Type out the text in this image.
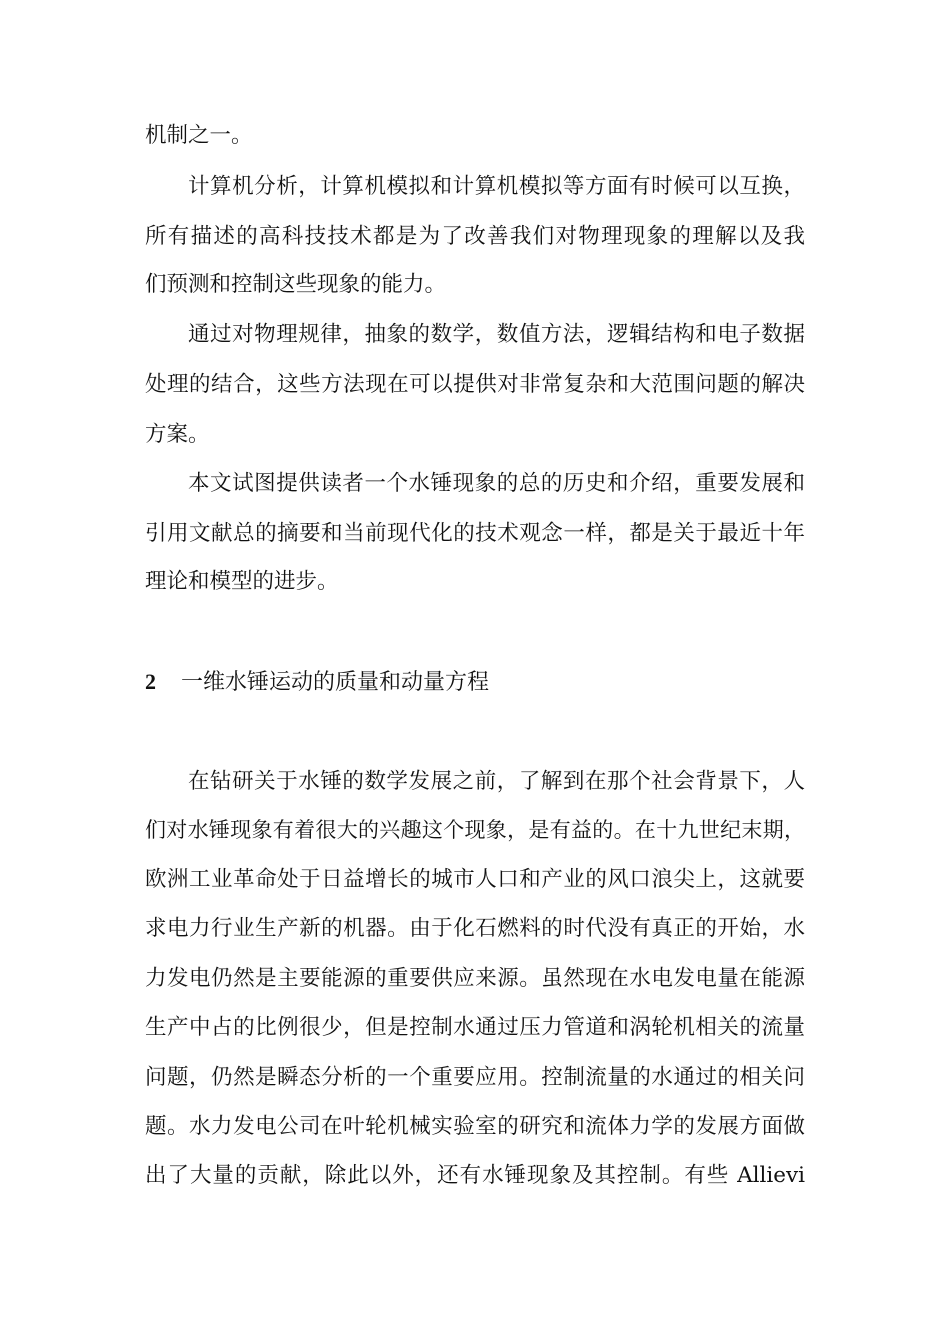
机制之一。
计算机分析，计算机模拟和计算机模拟等方面有时候可以互换，
所有描述的高科技技术都是为了改善我们对物理现象的理解以及我
们预测和控制这些现象的能力。
通过对物理规律，抽象的数学，数值方法，逻辑结构和电子数据
处理的结合，这些方法现在可以提供对非常复杂和大范围问题的解决
方案。
本文试图提供读者一个水锤现象的总的历史和介绍，重要发展和
引用文献总的摘要和当前现代化的技术观念一样，都是关于最近十年
理论和模型的进步。
2 一维水锤运动的质量和动量方程
在钻研关于水锤的数学发展之前，了解到在那个社会背景下，人
们对水锤现象有着很大的兴趣这个现象，是有益的。在十九世纪末期，
欧洲工业革命处于日益增长的城市人口和产业的风口浪尖上，这就要
求电力行业生产新的机器。由于化石燃料的时代没有真正的开始，水
力发电仍然是主要能源的重要供应来源。虽然现在水电发电量在能源
生产中占的比例很少，但是控制水通过压力管道和涡轮机相关的流量
问题，仍然是瞬态分析的一个重要应用。控制流量的水通过的相关问
题。水力发电公司在叶轮机械实验室的研究和流体力学的发展方面做
出了大量的贡献，除此以外，还有水锤现象及其控制。有些 Allievi
